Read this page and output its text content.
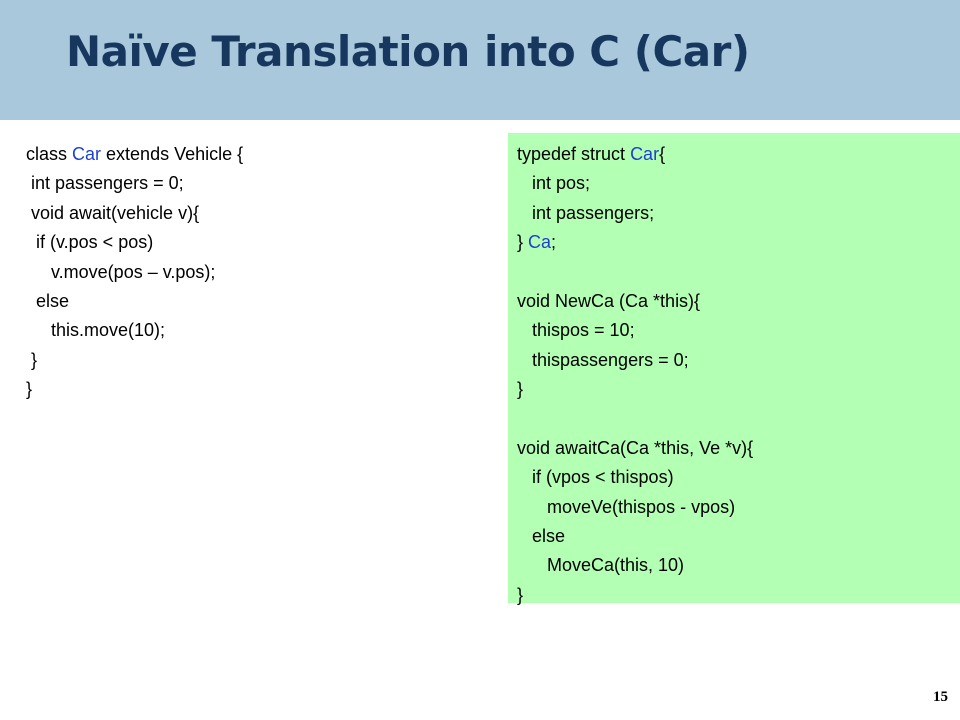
Naïve Translation into C (Car)
class Car extends Vehicle {
int passengers = 0;
void await(vehicle v){
if (v.pos < pos)
v.move(pos – v.pos);
else
this.move(10);
}
}
typedef struct Car{
int pos;
int passengers;
} Ca;
void NewCa (Ca *this){
thispos = 10;
thispassengers = 0;
}
void awaitCa(Ca *this, Ve *v){
if (vpos < thispos)
moveVe(thispos - vpos)
else
MoveCa(this, 10)
}
15
